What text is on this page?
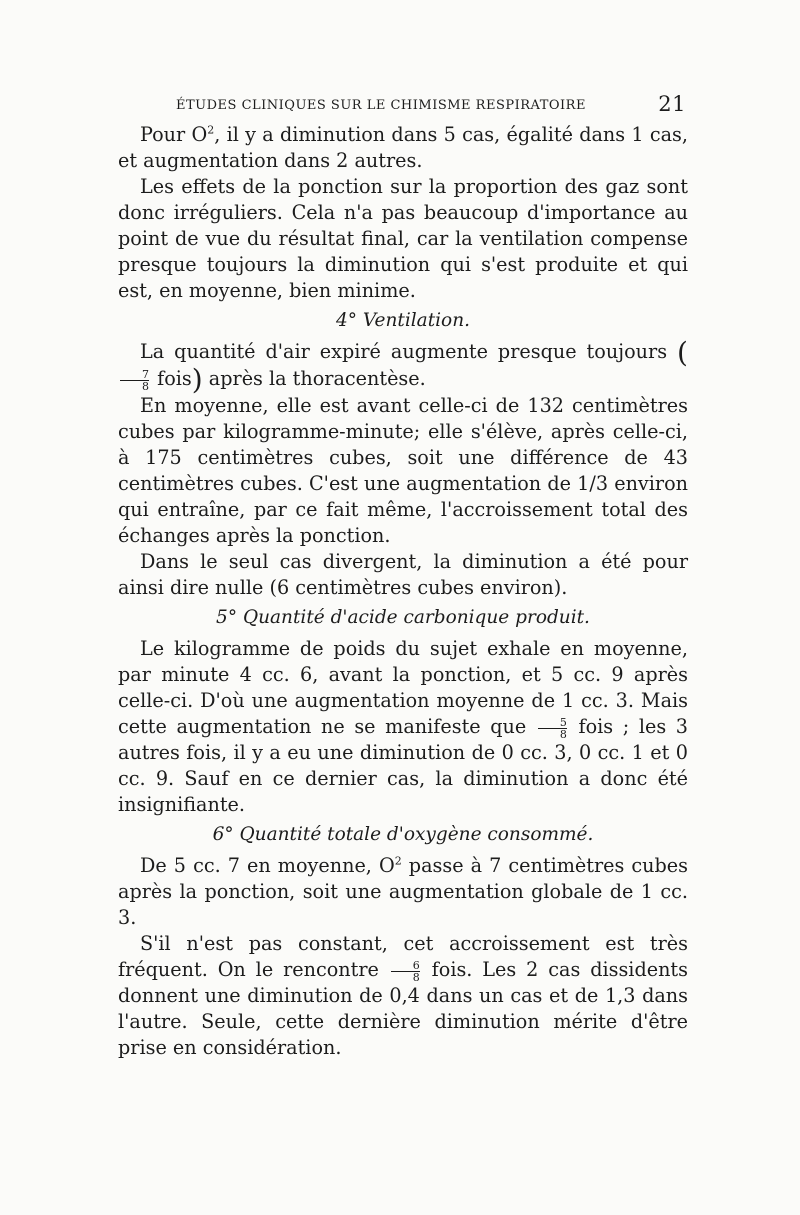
ÉTUDES CLINIQUES SUR LE CHIMISME RESPIRATOIRE	21

Pour $O^2$, il y a diminution dans 5 cas, égalité dans 1 cas, et augmentation dans 2 autres.

Les effets de la ponction sur la proportion des gaz sont donc irréguliers. Cela n'a pas beaucoup d'importance au point de vue du résultat final, car la ventilation compense presque toujours la diminution qui s'est produite et qui est, en moyenne, bien minime.

4° Ventilation.

La quantité d'air expiré augmente presque toujours (
$\frac{7}{8}$ fois) après la thoracentèse.

En moyenne, elle est avant celle-ci de 132 centimètres cubes par kilogramme-minute; elle s'élève, après celle-ci, à 175 centimètres cubes, soit une différence de 43 centimètres cubes. C'est une augmentation de 1/3 environ qui entraîne, par ce fait même, l'accroissement total des échanges après la ponction.

Dans le seul cas divergent, la diminution a été pour ainsi dire nulle (6 centimètres cubes environ).

5° Quantité d'acide carbonique produit.

Le kilogramme de poids du sujet exhale en moyenne, par minute 4 cc. 6, avant la ponction, et 5 cc. 9 après celle-ci. D'où une augmentation moyenne de 1 cc. 3. Mais cette augmentation ne se manifeste que $\frac{5}{8}$ fois ; les 3 autres fois, il y a eu une diminution de 0 cc. 3, 0 cc. 1 et 0 cc. 9. Sauf en ce dernier cas, la diminution a donc été insignifiante.

6° Quantité totale d'oxygène consommé.

De 5 cc. 7 en moyenne, $O^2$ passe à 7 centimètres cubes après la ponction, soit une augmentation globale de 1 cc. 3.

S'il n'est pas constant, cet accroissement est très fréquent. On le rencontre $\frac{6}{8}$ fois. Les 2 cas dissidents donnent une diminution de 0,4 dans un cas et de 1,3 dans l'autre. Seule, cette dernière diminution mérite d'être prise en considération.
